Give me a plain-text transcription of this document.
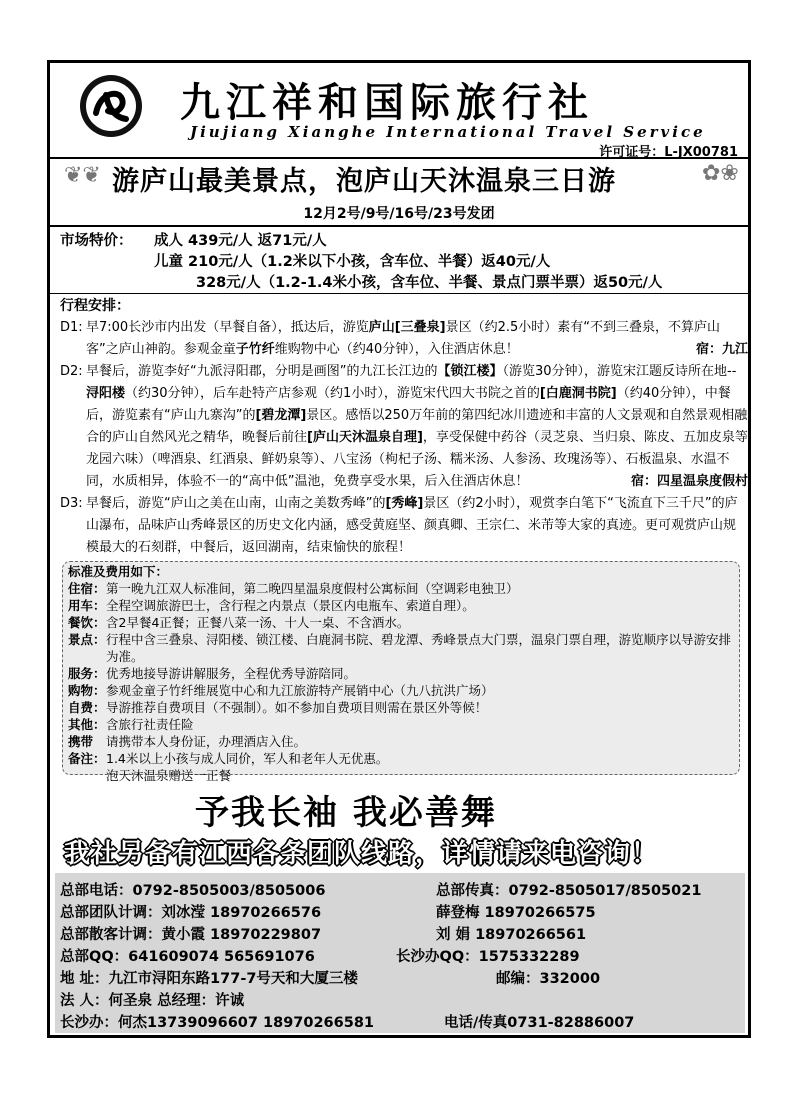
九江祥和国际旅行社
Jiujiang Xianghe International Travel Service
许可证号：L-JX00781
❦❦	✿❀
游庐山最美景点，泡庐山天沐温泉三日游
12月2号/9号/16号/23号发团
市场特价： 成人 439元/人 返71元/人
儿童 210元/人（1.2米以下小孩，含车位、半餐）返40元/人
328元/人（1.2-1.4米小孩，含车位、半餐、景点门票半票）返50元/人
行程安排：
D1: 早7:00长沙市内出发（早餐自备），抵达后，游览庐山[三叠泉]景区（约2.5小时）素有“不到三叠泉，不算庐山客”之庐山神韵。参观金童子竹纤维购物中心（约40分钟），入住酒店休息！	宿：九江
D2: 早餐后，游览李好“九派浔阳郡，分明是画图”的九江长江边的【锁江楼】（游览30分钟），游览宋江题反诗所在地--浔阳楼（约30分钟），后车赴特产店参观（约1小时），游览宋代四大书院之首的[白鹿洞书院]（约40分钟），中餐后，游览素有“庐山九寨沟”的[碧龙潭]景区。感悟以250万年前的第四纪冰川遗迹和丰富的人文景观和自然景观相融合的庐山自然风光之精华，晚餐后前往[庐山天沐温泉自理]，享受保健中药谷（灵芝泉、当归泉、陈皮、五加皮泉等龙园六味）（啤酒泉、红酒泉、鲜奶泉等）、八宝汤（枸杞子汤、糯米汤、人参汤、玫瑰汤等）、石板温泉、水温不同，水质相异，体验不一的“高中低”温池，免费享受水果，后入住酒店休息！	宿：四星温泉度假村
D3: 早餐后，游览“庐山之美在山南，山南之美数秀峰”的[秀峰]景区（约2小时），观赏李白笔下“飞流直下三千尺”的庐山瀑布，品味庐山秀峰景区的历史文化内涵，感受黄庭坚、颜真卿、王宗仁、米芾等大家的真迹。更可观赏庐山规模最大的石刻群，中餐后，返回湖南，结束愉快的旅程！
标准及费用如下：
住宿： 第一晚九江双人标准间，第二晚四星温泉度假村公寓标间（空调彩电独卫）
用车： 全程空调旅游巴士，含行程之内景点（景区内电瓶车、索道自理）。
餐饮： 含2早餐4正餐；正餐八菜一汤、十人一桌、不含酒水。
景点： 行程中含三叠泉、浔阳楼、锁江楼、白鹿洞书院、碧龙潭、秀峰景点大门票，温泉门票自理，游览顺序以导游安排为准。
服务： 优秀地接导游讲解服务，全程优秀导游陪同。
购物： 参观金童子竹纤维展览中心和九江旅游特产展销中心（九八抗洪广场）
自费： 导游推荐自费项目（不强制）。如不参加自费项目则需在景区外等候！
其他： 含旅行社责任险
携带 请携带本人身份证，办理酒店入住。
备注： 1.4米以上小孩与成人同价，军人和老年人无优惠。
泡天沐温泉赠送一正餐
予我长袖 我必善舞
我社另备有江西各条团队线路，详情请来电咨询！
总部电话：0792-8505003/8505006	总部传真：0792-8505017/8505021
总部团队计调：刘冰滢 18970266576	薛登梅 18970266575
总部散客计调：黄小霞 18970229807	刘 娟 18970266561
总部QQ：641609074 565691076	长沙办QQ：1575332289
地 址：九江市浔阳东路177-7号天和大厦三楼	邮编：332000
法 人：何圣泉 总经理：许诚
长沙办：何杰13739096607 18970266581	电话/传真0731-82886007
